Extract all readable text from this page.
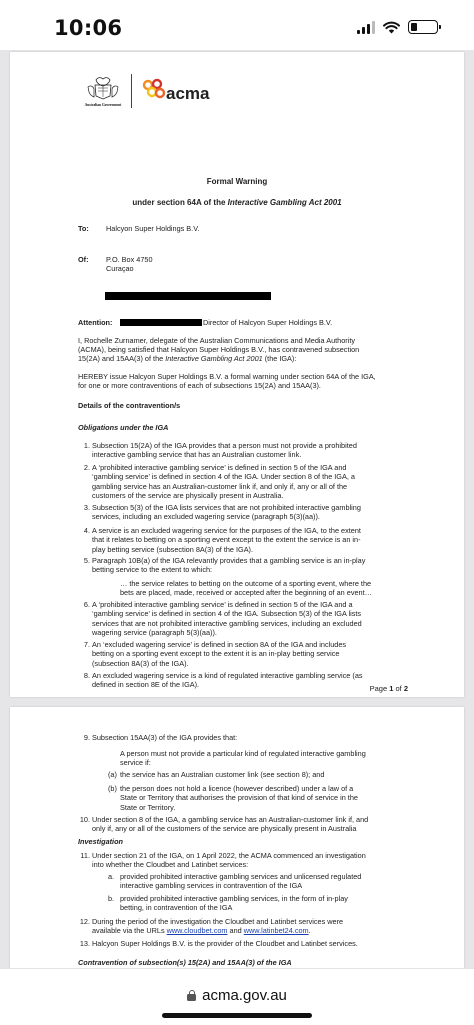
10:06
Australian Government
acma
Formal Warning
under section 64A of the Interactive Gambling Act 2001
To: Halcyon Super Holdings B.V.
Of: P.O. Box 4750
Curaçao
Attention:	Director of Halcyon Super Holdings B.V.
I, Rochelle Zurnamer, delegate of the Australian Communications and Media Authority
(ACMA), being satisfied that Halcyon Super Holdings B.V., has contravened subsection
15(2A) and 15AA(3) of the Interactive Gambling Act 2001 (the IGA):
HEREBY issue Halcyon Super Holdings B.V. a formal warning under section 64A of the IGA,
for one or more contraventions of each of subsections 15(2A) and 15AA(3).
Details of the contravention/s
Obligations under the IGA
1. Subsection 15(2A) of the IGA provides that a person must not provide a prohibited
interactive gambling service that has an Australian customer link.
2. A ‘prohibited interactive gambling service’ is defined in section 5 of the IGA and
‘gambling service’ is defined in section 4 of the IGA. Under section 8 of the IGA, a
gambling service has an Australian-customer link if, and only if, any or all of the
customers of the service are physically present in Australia.
3. Subsection 5(3) of the IGA lists services that are not prohibited interactive gambling
services, including an excluded wagering service (paragraph 5(3)(aa)).
4. A service is an excluded wagering service for the purposes of the IGA, to the extent
that it relates to betting on a sporting event except to the extent the service is an in-
play betting service (subsection 8A(3) of the IGA).
5. Paragraph 10B(a) of the IGA relevantly provides that a gambling service is an in-play
betting service to the extent to which:
… the service relates to betting on the outcome of a sporting event, where the
bets are placed, made, received or accepted after the beginning of an event…
6. A ‘prohibited interactive gambling service’ is defined in section 5 of the IGA and a
‘gambling service’ is defined in section 4 of the IGA. Subsection 5(3) of the IGA lists
services that are not prohibited interactive gambling services, including an excluded
wagering service (paragraph 5(3)(aa)).
7. An ‘excluded wagering service’ is defined in section 8A of the IGA and includes
betting on a sporting event except to the extent it is an in-play betting service
(subsection 8A(3) of the IGA).
8. An excluded wagering service is a kind of regulated interactive gambling service (as
defined in section 8E of the IGA).	Page 1 of 2
9. Subsection 15AA(3) of the IGA provides that:
A person must not provide a particular kind of regulated interactive gambling
service if:
(a) the service has an Australian customer link (see section 8); and
(b) the person does not hold a licence (however described) under a law of a
State or Territory that authorises the provision of that kind of service in the
State or Territory.
10. Under section 8 of the IGA, a gambling service has an Australian-customer link if, and
only if, any or all of the customers of the service are physically present in Australia
Investigation
11. Under section 21 of the IGA, on 1 April 2022, the ACMA commenced an investigation
into whether the Cloudbet and Latinbet services:
a. provided prohibited interactive gambling services and unlicensed regulated
interactive gambling services in contravention of the IGA
b. provided prohibited interactive gambling services, in the form of in-play
betting, in contravention of the IGA
12. During the period of the investigation the Cloudbet and Latinbet services were
available via the URLs www.cloudbet.com and www.latinbet24.com.
13. Halcyon Super Holdings B.V. is the provider of the Cloudbet and Latinbet services.
Contravention of subsection(s) 15(2A) and 15AA(3) of the IGA
acma.gov.au
